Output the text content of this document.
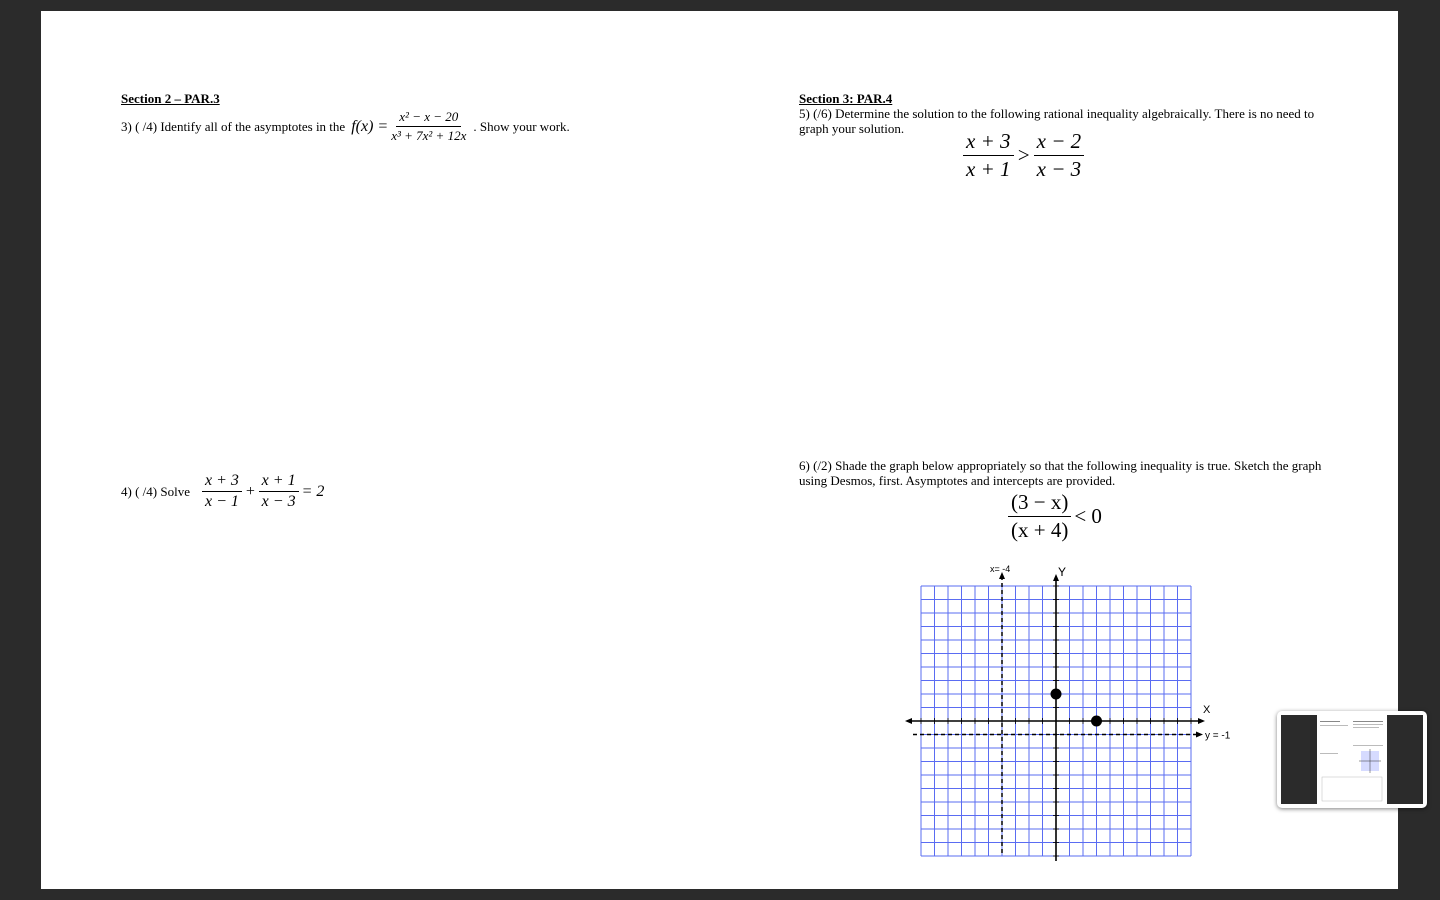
Section 2 – PAR.3
3) ( /4) Identify all of the asymptotes in the $f(x) = \frac{\text{x² − x − 20}}{\text{x³ + 7x² + 12x}}$ . Show your work.
4) ( /4) Solve $\frac{x + 3}{x - 1} + \frac{x + 1}{x - 3} = 2$
Section 3: PAR.4
5) (/6) Determine the solution to the following rational inequality algebraically. There is no need to graph your solution.
$\frac{x + 3}{x + 1} > \frac{x - 2}{x - 3}$
6) (/2) Shade the graph below appropriately so that the following inequality is true. Sketch the graph using Desmos, first. Asymptotes and intercepts are provided.
$\frac{(3 - x)}{(x + 4)} < 0$
x= -4
y = -1
X
Y
